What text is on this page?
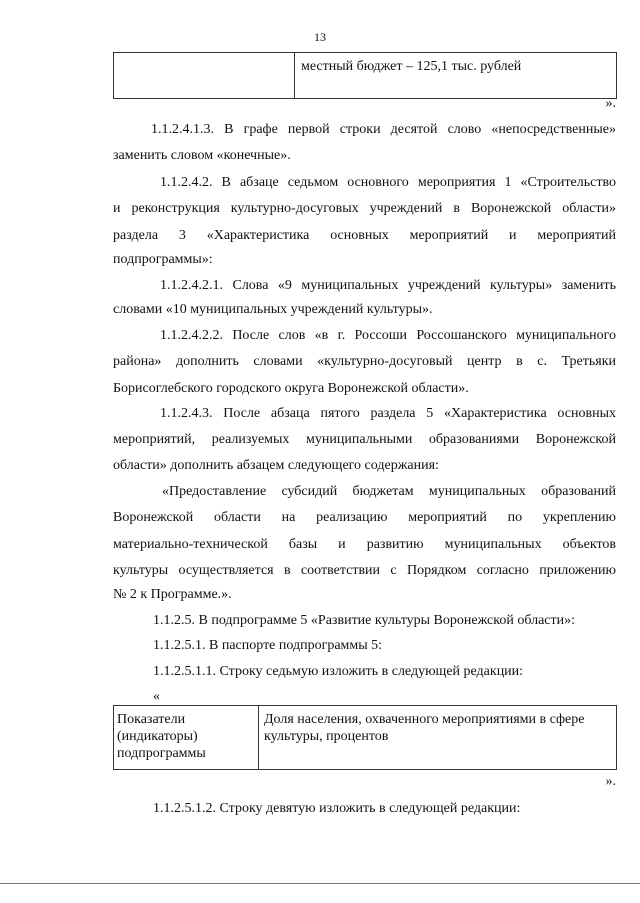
13
	местный бюджет – 125,1 тыс. рублей
».
1.1.2.4.1.3. В графе первой строки десятой слово «непосредственные»
заменить словом «конечные».
1.1.2.4.2. В абзаце седьмом основного мероприятия 1 «Строительство
и реконструкция культурно-досуговых учреждений в Воронежской области»
раздела 3 «Характеристика основных мероприятий и мероприятий
подпрограммы»:
1.1.2.4.2.1. Слова «9 муниципальных учреждений культуры» заменить
словами «10 муниципальных учреждений культуры».
1.1.2.4.2.2. После слов «в г. Россоши Россошанского муниципального
района» дополнить словами «культурно-досуговый центр в с. Третьяки
Борисоглебского городского округа Воронежской области».
1.1.2.4.3. После абзаца пятого раздела 5 «Характеристика основных
мероприятий, реализуемых муниципальными образованиями Воронежской
области» дополнить абзацем следующего содержания:
«Предоставление субсидий бюджетам муниципальных образований
Воронежской области на реализацию мероприятий по укреплению
материально-технической базы и развитию муниципальных объектов
культуры осуществляется в соответствии с Порядком согласно приложению
№ 2 к Программе.».
1.1.2.5. В подпрограмме 5 «Развитие культуры Воронежской области»:
1.1.2.5.1. В паспорте подпрограммы 5:
1.1.2.5.1.1. Строку седьмую изложить в следующей редакции:
«
Показатели (индикаторы) подпрограммы	Доля населения, охваченного мероприятиями в сфере культуры, процентов
».
1.1.2.5.1.2. Строку девятую изложить в следующей редакции:
